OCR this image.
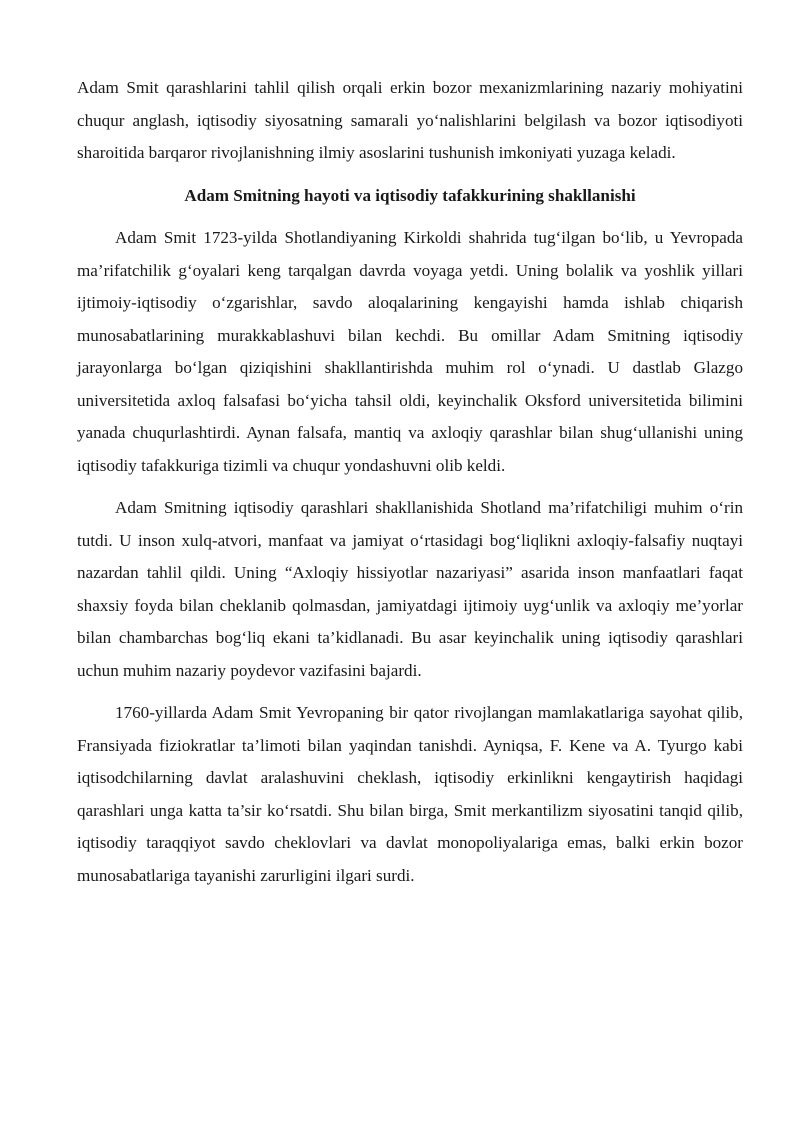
Adam Smit qarashlarini tahlil qilish orqali erkin bozor mexanizmlarining nazariy mohiyatini chuqur anglash, iqtisodiy siyosatning samarali yo‘nalishlarini belgilash va bozor iqtisodiyoti sharoitida barqaror rivojlanishning ilmiy asoslarini tushunish imkoniyati yuzaga keladi.

Adam Smitning hayoti va iqtisodiy tafakkurining shakllanishi

Adam Smit 1723-yilda Shotlandiyaning Kirkoldi shahrida tug‘ilgan bo‘lib, u Yevropada ma’rifatchilik g‘oyalari keng tarqalgan davrda voyaga yetdi. Uning bolalik va yoshlik yillari ijtimoiy-iqtisodiy o‘zgarishlar, savdo aloqalarining kengayishi hamda ishlab chiqarish munosabatlarining murakkablashuvi bilan kechdi. Bu omillar Adam Smitning iqtisodiy jarayonlarga bo‘lgan qiziqishini shakllantirishda muhim rol o‘ynadi. U dastlab Glazgo universitetida axloq falsafasi bo‘yicha tahsil oldi, keyinchalik Oksford universitetida bilimini yanada chuqurlashtirdi. Aynan falsafa, mantiq va axloqiy qarashlar bilan shug‘ullanishi uning iqtisodiy tafakkuriga tizimli va chuqur yondashuvni olib keldi.

Adam Smitning iqtisodiy qarashlari shakllanishida Shotland ma’rifatchiligi muhim o‘rin tutdi. U inson xulq-atvori, manfaat va jamiyat o‘rtasidagi bog‘liqlikni axloqiy-falsafiy nuqtayi nazardan tahlil qildi. Uning “Axloqiy hissiyotlar nazariyasi” asarida inson manfaatlari faqat shaxsiy foyda bilan cheklanib qolmasdan, jamiyatdagi ijtimoiy uyg‘unlik va axloqiy me’yorlar bilan chambarchas bog‘liq ekani ta’kidlanadi. Bu asar keyinchalik uning iqtisodiy qarashlari uchun muhim nazariy poydevor vazifasini bajardi.

1760-yillarda Adam Smit Yevropaning bir qator rivojlangan mamlakatlariga sayohat qilib, Fransiyada fiziokratlar ta’limoti bilan yaqindan tanishdi. Ayniqsa, F. Kene va A. Tyurgo kabi iqtisodchilarning davlat aralashuvini cheklash, iqtisodiy erkinlikni kengaytirish haqidagi qarashlari unga katta ta’sir ko‘rsatdi. Shu bilan birga, Smit merkantilizm siyosatini tanqid qilib, iqtisodiy taraqqiyot savdo cheklovlari va davlat monopoliyalariga emas, balki erkin bozor munosabatlariga tayanishi zarurligini ilgari surdi.
